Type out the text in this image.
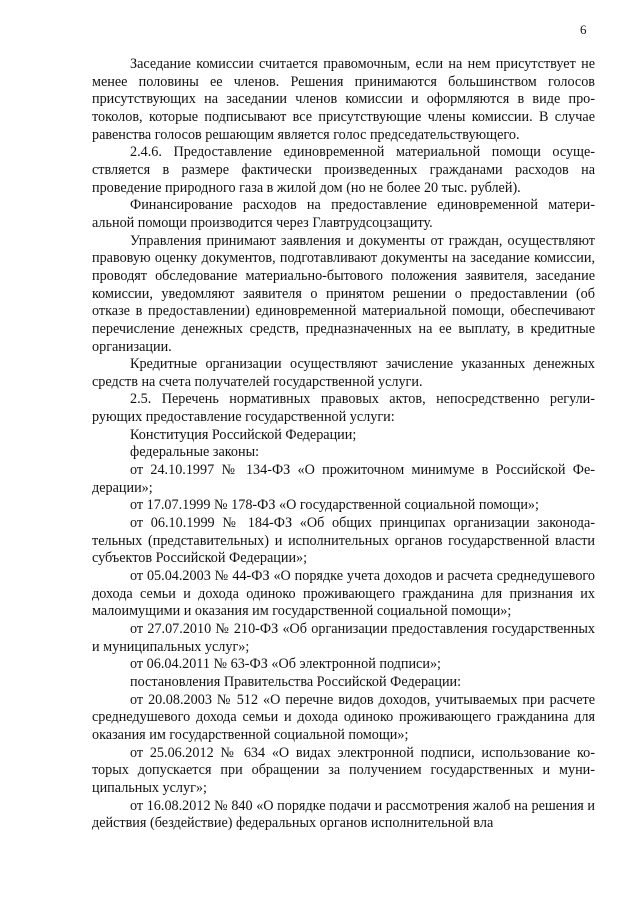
6

Заседание комиссии считается правомочным, если на нем присутствует не менее половины ее членов. Решения принимаются большинством голосов присутствующих на заседании членов комиссии и оформляются в виде протоколов, которые подписывают все присутствующие члены комиссии. В случае равенства голосов решающим является голос председательствующего.

2.4.6. Предоставление единовременной материальной помощи осуществляется в размере фактически произведенных гражданами расходов на проведение природного газа в жилой дом (но не более 20 тыс. рублей).

Финансирование расходов на предоставление единовременной материальной помощи производится через Главтрудсоцзащиту.

Управления принимают заявления и документы от граждан, осуществляют правовую оценку документов, подготавливают документы на заседание комиссии, проводят обследование материально-бытового положения заявителя, заседание комиссии, уведомляют заявителя о принятом решении о предоставлении (об отказе в предоставлении) единовременной материальной помощи, обеспечивают перечисление денежных средств, предназначенных на ее выплату, в кредитные организации.

Кредитные организации осуществляют зачисление указанных денежных средств на счета получателей государственной услуги.

2.5. Перечень нормативных правовых актов, непосредственно регулирующих предоставление государственной услуги:

Конституция Российской Федерации;

федеральные законы:

от 24.10.1997 № 134-ФЗ «О прожиточном минимуме в Российской Федерации»;

от 17.07.1999 № 178-ФЗ «О государственной социальной помощи»;

от 06.10.1999 № 184-ФЗ «Об общих принципах организации законодательных (представительных) и исполнительных органов государственной власти субъектов Российской Федерации»;

от 05.04.2003 № 44-ФЗ «О порядке учета доходов и расчета среднедушевого дохода семьи и дохода одиноко проживающего гражданина для признания их малоимущими и оказания им государственной социальной помощи»;

от 27.07.2010 № 210-ФЗ «Об организации предоставления государственных и муниципальных услуг»;

от 06.04.2011 № 63-ФЗ «Об электронной подписи»;

постановления Правительства Российской Федерации:

от 20.08.2003 № 512 «О перечне видов доходов, учитываемых при расчете среднедушевого дохода семьи и дохода одиноко проживающего гражданина для оказания им государственной социальной помощи»;

от 25.06.2012 № 634 «О видах электронной подписи, использование которых допускается при обращении за получением государственных и муниципальных услуг»;

от 16.08.2012 № 840 «О порядке подачи и рассмотрения жалоб на решения и действия (бездействие) федеральных органов исполнительной вла
